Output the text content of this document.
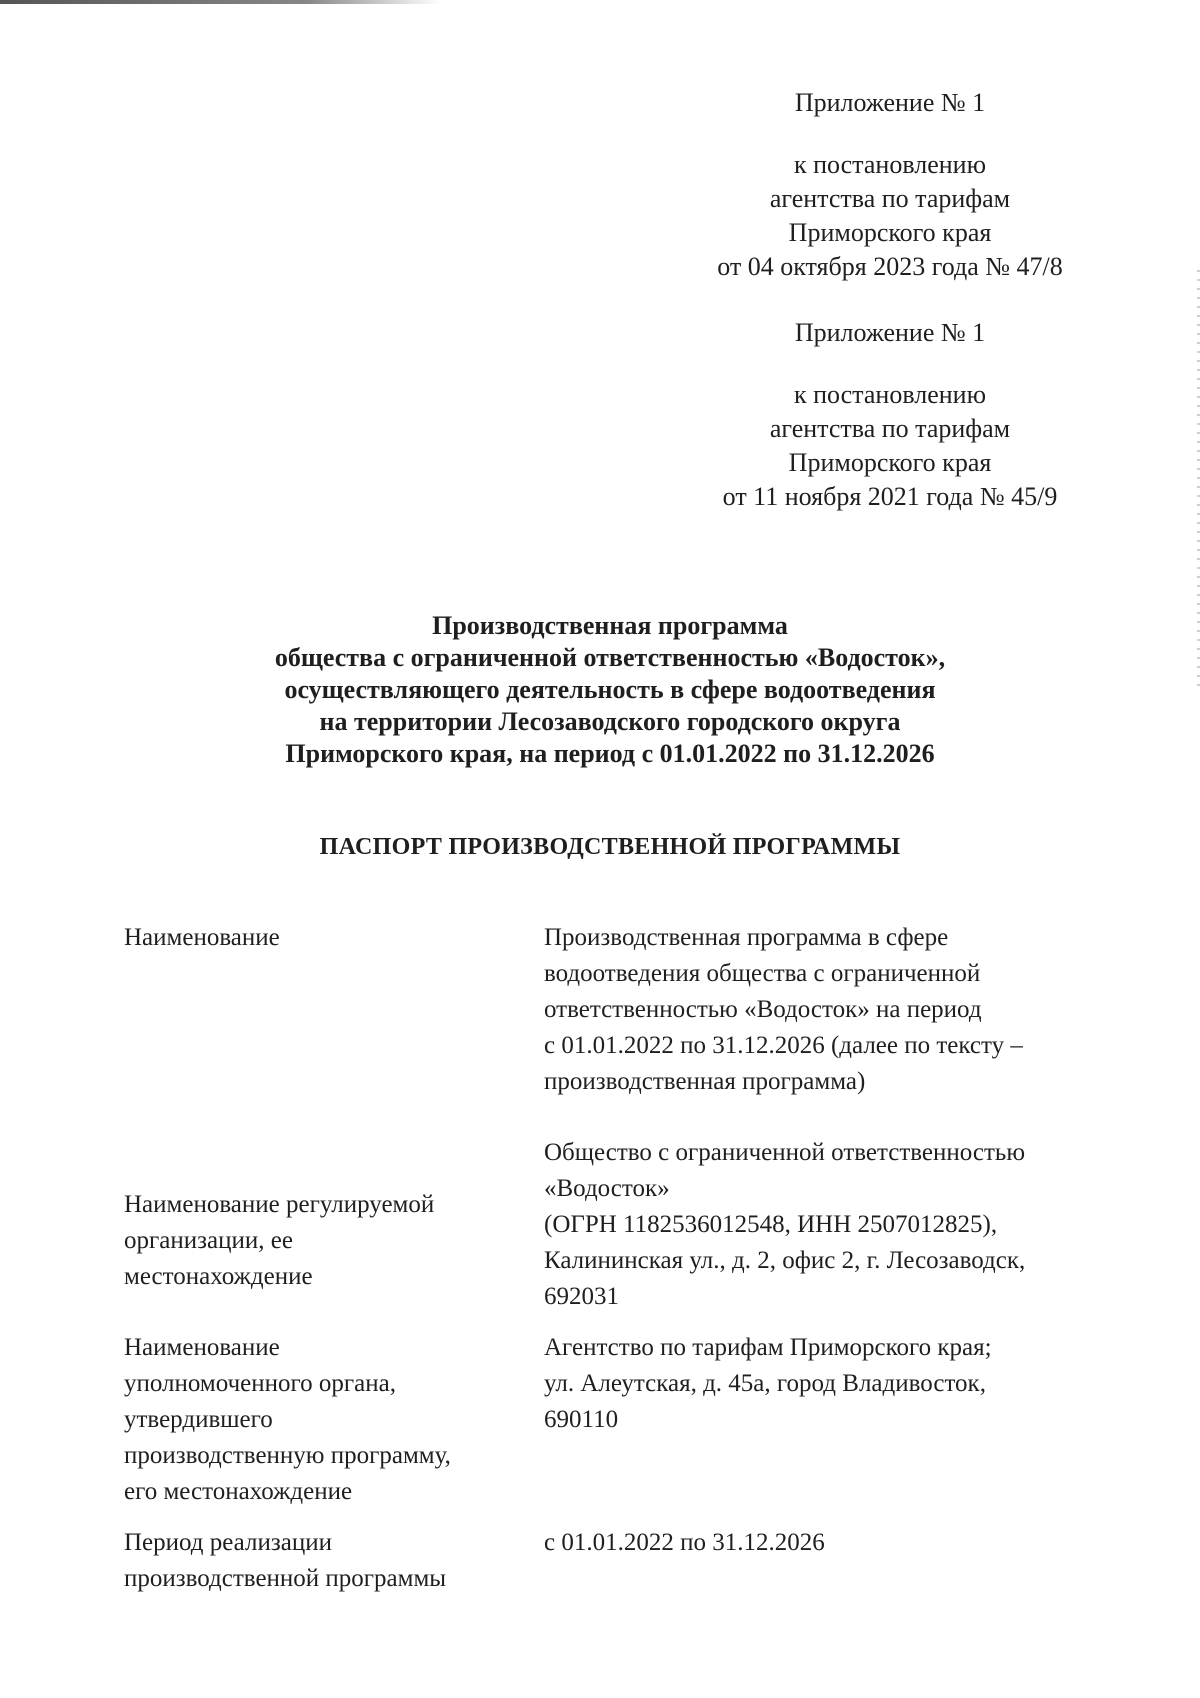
Приложение № 1

к постановлению

агентства по тарифам

Приморского края

от 04 октября 2023 года № 47/8

Приложение № 1

к постановлению

агентства по тарифам

Приморского края

от 11 ноября 2021 года № 45/9

Производственная программа
общества с ограниченной ответственностью «Водосток»,
осуществляющего деятельность в сфере водоотведения
на территории Лесозаводского городского округа
Приморского края, на период с 01.01.2022 по 31.12.2026
ПАСПОРТ ПРОИЗВОДСТВЕННОЙ ПРОГРАММЫ
Наименование	Производственная программа в сфере
водоотведения общества с ограниченной
ответственностью «Водосток» на период
с 01.01.2022 по 31.12.2026 (далее по тексту –
производственная программа)
Наименование регулируемой
организации, ее
местонахождение
Общество с ограниченной ответственностью
«Водосток»
(ОГРН 1182536012548, ИНН 2507012825),
Калининская ул., д. 2, офис 2, г. Лесозаводск,
692031
Наименование
уполномоченного органа,
утвердившего
производственную программу,
его местонахождение
Агентство по тарифам Приморского края;
ул. Алеутская, д. 45а, город Владивосток,
690110
Период реализации
производственной программы
с 01.01.2022 по 31.12.2026
